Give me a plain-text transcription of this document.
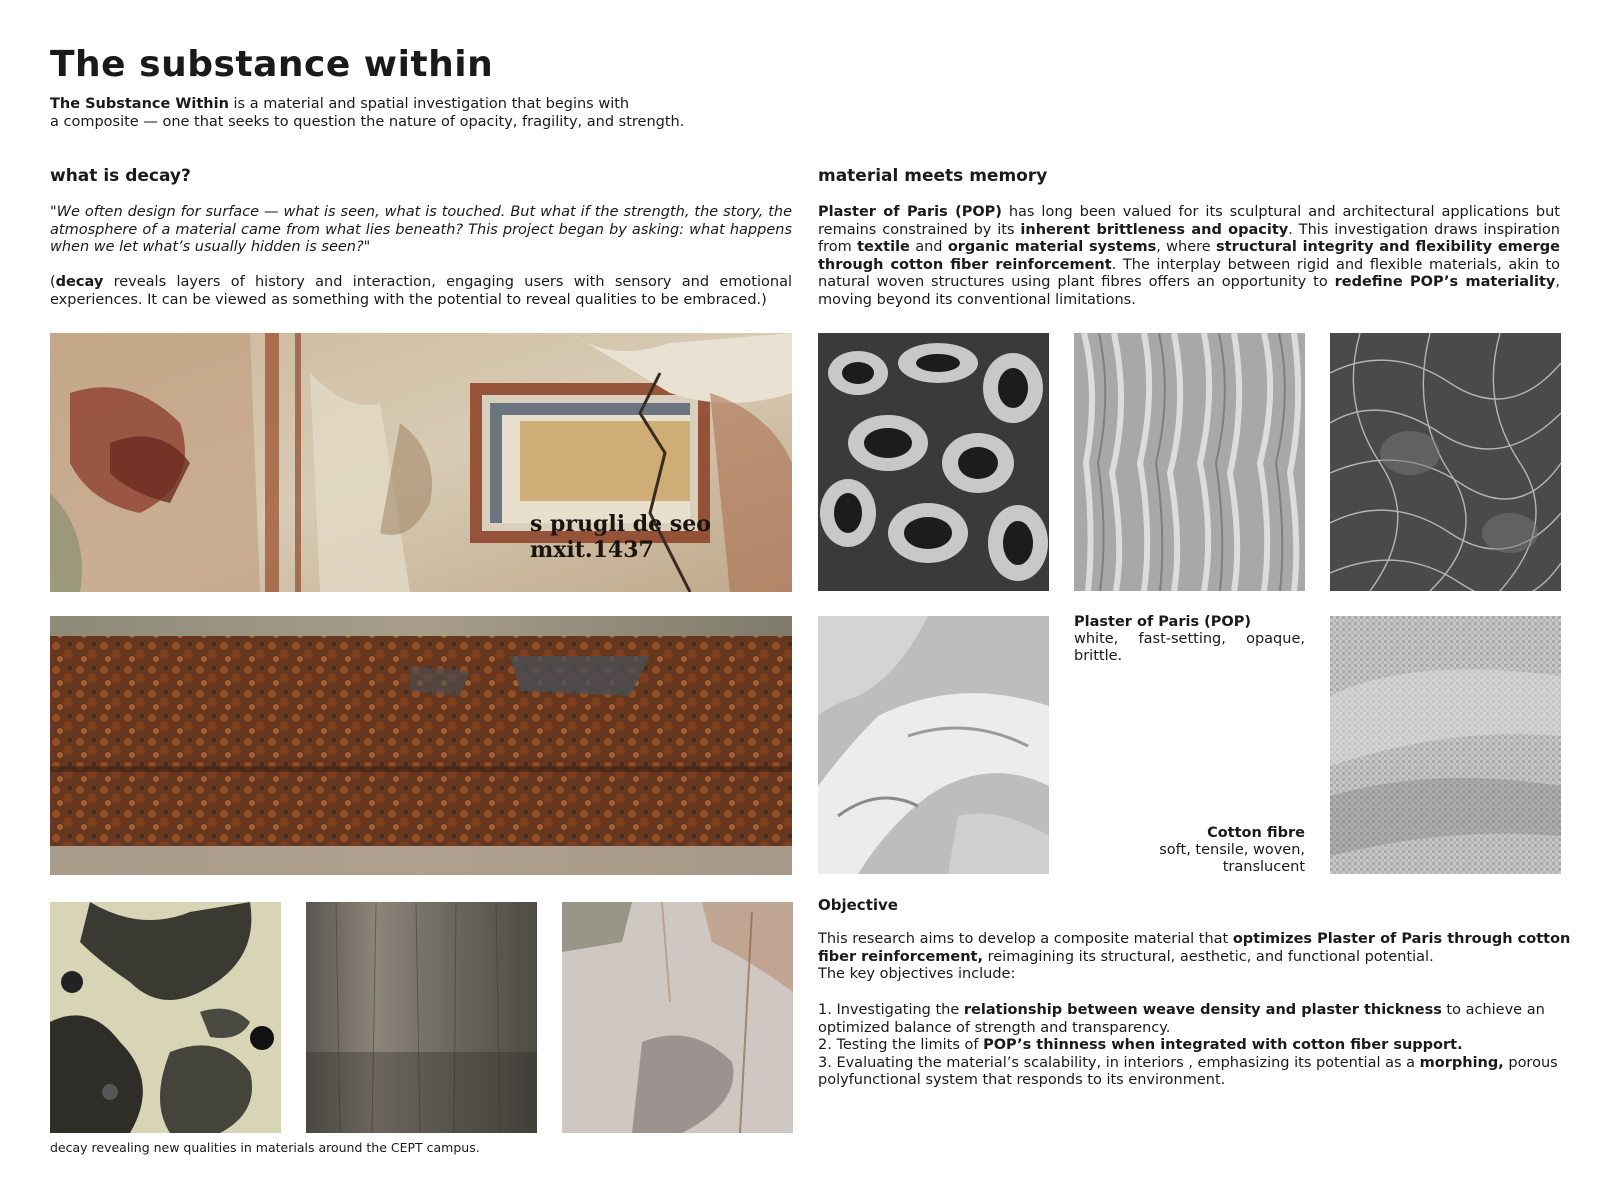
The substance within
The Substance Within is a material and spatial investigation that begins with
a composite — one that seeks to question the nature of opacity, fragility, and strength.
what is decay?
"We often design for surface — what is seen, what is touched. But what if the strength, the story, the atmosphere of a material came from what lies beneath? This project began by asking: what happens when we let what’s usually hidden is seen?"
(decay reveals layers of history and interaction, engaging users with sensory and emotional experiences. It can be viewed as something with the potential to reveal qualities to be embraced.)
material meets memory
Plaster of Paris (POP) has long been valued for its sculptural and architectural applications but remains constrained by its inherent brittleness and opacity. This investigation draws inspiration from textile and organic material systems, where structural integrity and flexibility emerge through cotton fiber reinforcement. The interplay between rigid and flexible materials, akin to natural woven structures using plant fibres offers an opportunity to redefine POP’s materiality, moving beyond its conventional limitations.
s prugli de seo
mxit.1437
decay revealing new qualities in materials around the CEPT campus.
Plaster of Paris (POP)

white, fast-setting, opaque, brittle.
Cotton fibre
soft, tensile, woven,
translucent
Objective
This research aims to develop a composite material that optimizes Plaster of Paris through cotton fiber reinforcement, reimagining its structural, aesthetic, and functional potential.
The key objectives include:
1. Investigating the relationship between weave density and plaster thickness to achieve an optimized balance of strength and transparency.
2. Testing the limits of POP’s thinness when integrated with cotton fiber support.
3. Evaluating the material’s scalability, in interiors , emphasizing its potential as a morphing, porous polyfunctional system that responds to its environment.
